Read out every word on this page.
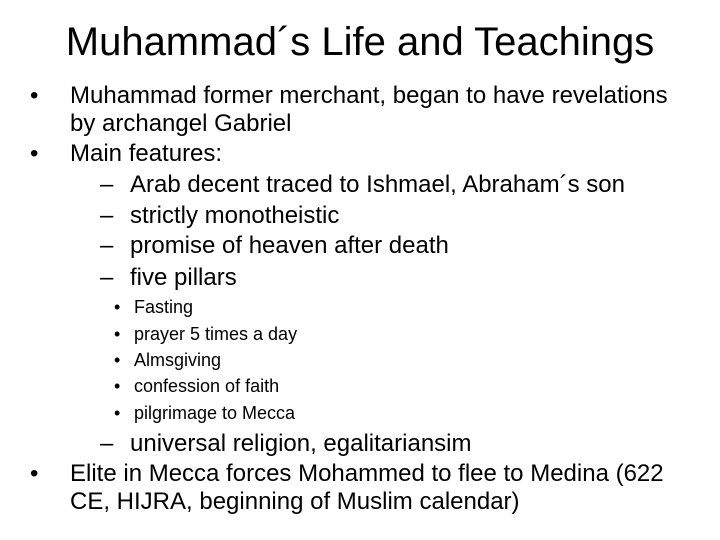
Muhammad´s Life and Teachings
• Muhammad former merchant, began to have revelations
by archangel Gabriel
• Main features:
– Arab decent traced to Ishmael, Abraham´s son
– strictly monotheistic
– promise of heaven after death
– five pillars
• Fasting
• prayer 5 times a day
• Almsgiving
• confession of faith
• pilgrimage to Mecca
– universal religion, egalitariansim
• Elite in Mecca forces Mohammed to flee to Medina (622
CE, HIJRA, beginning of Muslim calendar)
